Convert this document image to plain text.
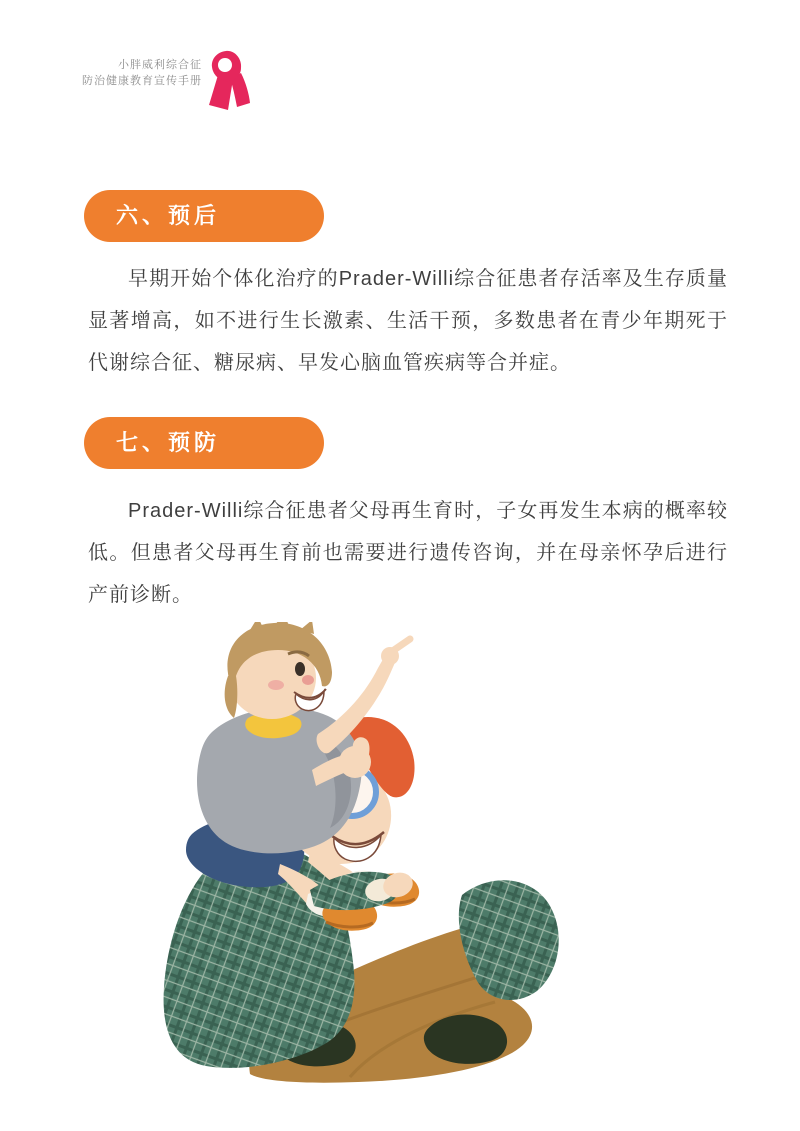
小胖威利综合征
防治健康教育宣传手册
六、预后

早期开始个体化治疗的Prader-Willi综合征患者存活率及生存质量显著增高，如不进行生长激素、生活干预，多数患者在青少年期死于代谢综合征、糖尿病、早发心脑血管疾病等合并症。

七、预防

Prader-Willi综合征患者父母再生育时，子女再发生本病的概率较低。但患者父母再生育前也需要进行遗传咨询，并在母亲怀孕后进行产前诊断。
